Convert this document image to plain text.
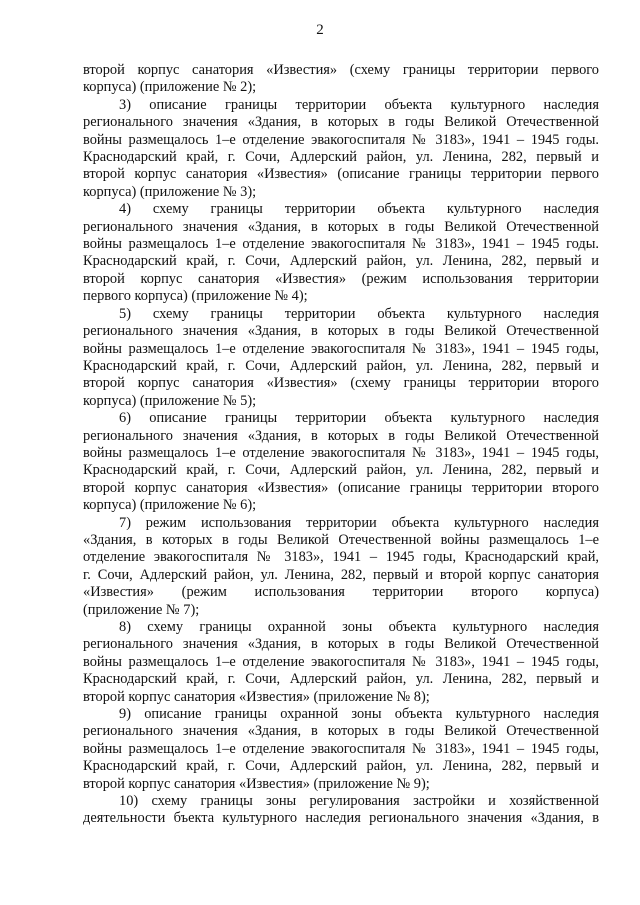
2
второй корпус санатория «Известия» (схему границы территории первого
корпуса) (приложение № 2);
3) описание границы территории объекта культурного наследия
регионального значения «Здания, в которых в годы Великой Отечественной
войны размещалось 1–е отделение эвакогоспиталя № 3183», 1941 – 1945 годы.
Краснодарский край, г. Сочи, Адлерский район, ул. Ленина, 282, первый и
второй корпус санатория «Известия» (описание границы территории первого
корпуса) (приложение № 3);
4) схему границы территории объекта культурного наследия
регионального значения «Здания, в которых в годы Великой Отечественной
войны размещалось 1–е отделение эвакогоспиталя № 3183», 1941 – 1945 годы.
Краснодарский край, г. Сочи, Адлерский район, ул. Ленина, 282, первый и
второй корпус санатория «Известия» (режим использования территории
первого корпуса) (приложение № 4);
5) схему границы территории объекта культурного наследия
регионального значения «Здания, в которых в годы Великой Отечественной
войны размещалось 1–е отделение эвакогоспиталя № 3183», 1941 – 1945 годы,
Краснодарский край, г. Сочи, Адлерский район, ул. Ленина, 282, первый и
второй корпус санатория «Известия» (схему границы территории второго
корпуса) (приложение № 5);
6) описание границы территории объекта культурного наследия
регионального значения «Здания, в которых в годы Великой Отечественной
войны размещалось 1–е отделение эвакогоспиталя № 3183», 1941 – 1945 годы,
Краснодарский край, г. Сочи, Адлерский район, ул. Ленина, 282, первый и
второй корпус санатория «Известия» (описание границы территории второго
корпуса) (приложение № 6);
7) режим использования территории объекта культурного наследия
«Здания, в которых в годы Великой Отечественной войны размещалось 1–е
отделение эвакогоспиталя № 3183», 1941 – 1945 годы, Краснодарский край,
г. Сочи, Адлерский район, ул. Ленина, 282, первый и второй корпус санатория
«Известия» (режим использования территории второго корпуса)
(приложение № 7);
8) схему границы охранной зоны объекта культурного наследия
регионального значения «Здания, в которых в годы Великой Отечественной
войны размещалось 1–е отделение эвакогоспиталя № 3183», 1941 – 1945 годы,
Краснодарский край, г. Сочи, Адлерский район, ул. Ленина, 282, первый и
второй корпус санатория «Известия» (приложение № 8);
9) описание границы охранной зоны объекта культурного наследия
регионального значения «Здания, в которых в годы Великой Отечественной
войны размещалось 1–е отделение эвакогоспиталя № 3183», 1941 – 1945 годы,
Краснодарский край, г. Сочи, Адлерский район, ул. Ленина, 282, первый и
второй корпус санатория «Известия» (приложение № 9);
10) схему границы зоны регулирования застройки и хозяйственной
деятельности бъекта культурного наследия регионального значения «Здания, в
